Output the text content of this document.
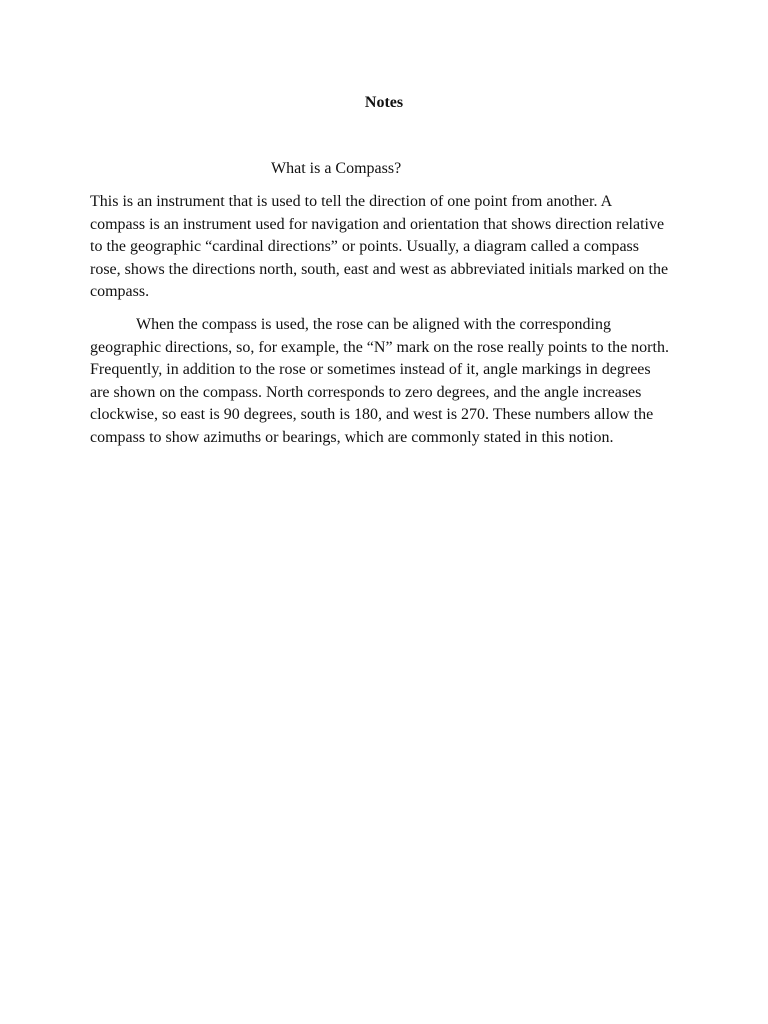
Notes

What is a Compass?

This is an instrument that is used to tell the direction of one point from another. A compass is an instrument used for navigation and orientation that shows direction relative to the geographic “cardinal directions” or points. Usually, a diagram called a compass rose, shows the directions north, south, east and west as abbreviated initials marked on the compass.

When the compass is used, the rose can be aligned with the corresponding geographic directions, so, for example, the “N” mark on the rose really points to the north. Frequently, in addition to the rose or sometimes instead of it, angle markings in degrees are shown on the compass. North corresponds to zero degrees, and the angle increases clockwise, so east is 90 degrees, south is 180, and west is 270. These numbers allow the compass to show azimuths or bearings, which are commonly stated in this notion.
